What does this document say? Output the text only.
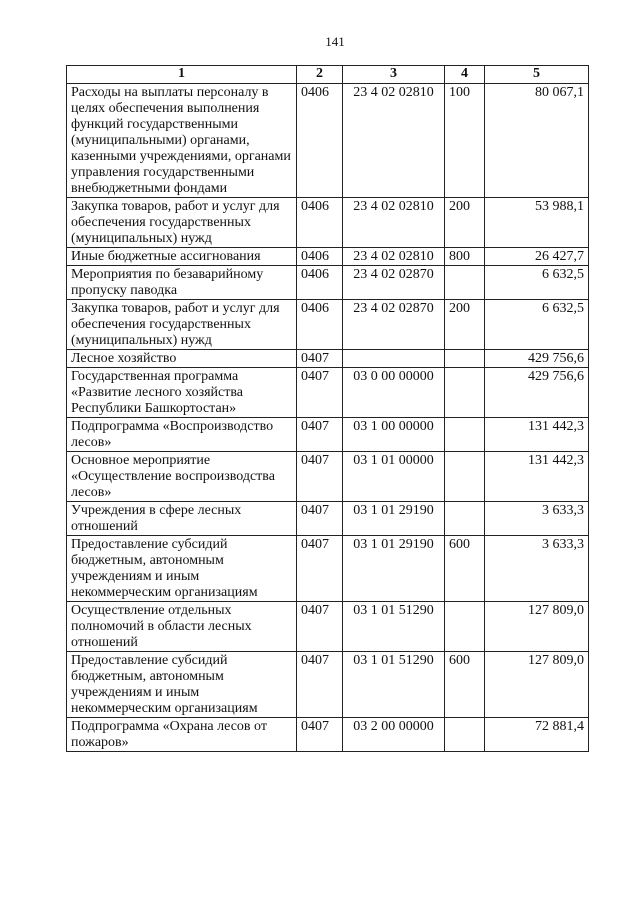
141
1	2	3	4	5
Расходы на выплаты персоналу в целях обеспечения выполнения функций государственными (муниципальными) органами, казенными учреждениями, органами управления государственными внебюджетными фондами	0406	23 4 02 02810	100	80 067,1
Закупка товаров, работ и услуг для обеспечения государственных (муниципальных) нужд	0406	23 4 02 02810	200	53 988,1
Иные бюджетные ассигнования	0406	23 4 02 02810	800	26 427,7
Мероприятия по безаварийному пропуску паводка	0406	23 4 02 02870		6 632,5
Закупка товаров, работ и услуг для обеспечения государственных (муниципальных) нужд	0406	23 4 02 02870	200	6 632,5
Лесное хозяйство	0407			429 756,6
Государственная программа «Развитие лесного хозяйства Республики Башкортостан»	0407	03 0 00 00000		429 756,6
Подпрограмма «Воспроизводство лесов»	0407	03 1 00 00000		131 442,3
Основное мероприятие «Осуществление воспроизводства лесов»	0407	03 1 01 00000		131 442,3
Учреждения в сфере лесных отношений	0407	03 1 01 29190		3 633,3
Предоставление субсидий бюджетным, автономным учреждениям и иным некоммерческим организациям	0407	03 1 01 29190	600	3 633,3
Осуществление отдельных полномочий в области лесных отношений	0407	03 1 01 51290		127 809,0
Предоставление субсидий бюджетным, автономным учреждениям и иным некоммерческим организациям	0407	03 1 01 51290	600	127 809,0
Подпрограмма «Охрана лесов от пожаров»	0407	03 2 00 00000		72 881,4
